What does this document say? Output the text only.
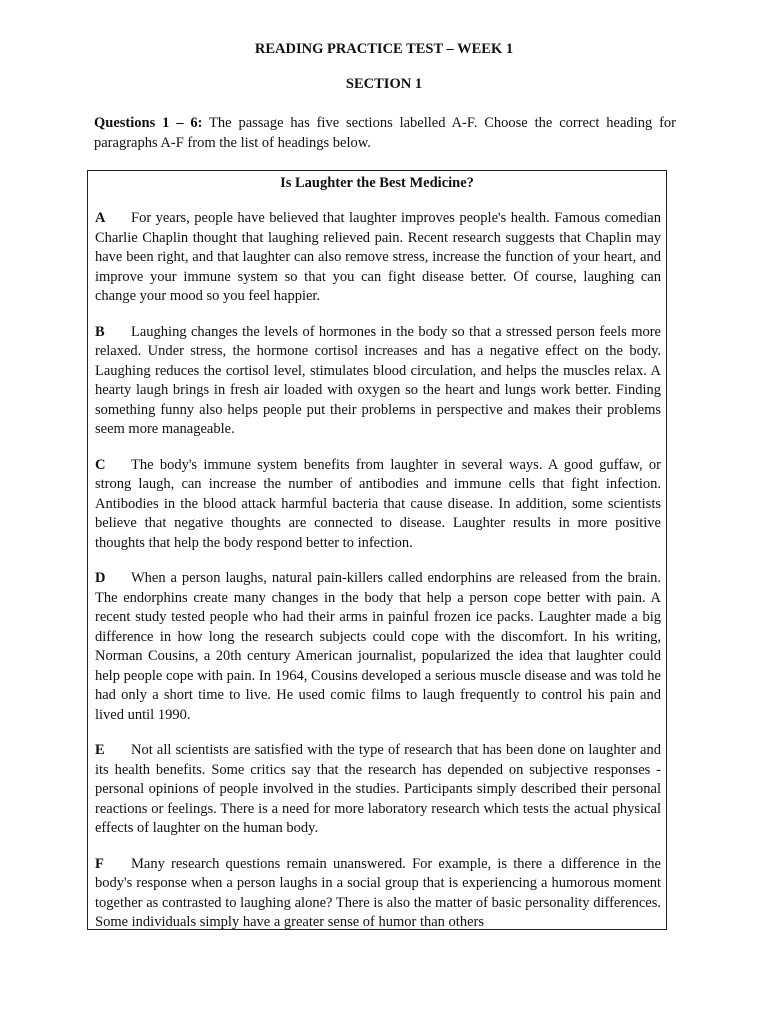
READING PRACTICE TEST – WEEK 1
SECTION 1

Questions 1 – 6: The passage has five sections labelled A-F. Choose the correct heading for paragraphs A-F from the list of headings below.

Is Laughter the Best Medicine?

A For years, people have believed that laughter improves people's health. Famous comedian Charlie Chaplin thought that laughing relieved pain. Recent research suggests that Chaplin may have been right, and that laughter can also remove stress, increase the function of your heart, and improve your immune system so that you can fight disease better. Of course, laughing can change your mood so you feel happier.

B Laughing changes the levels of hormones in the body so that a stressed person feels more relaxed. Under stress, the hormone cortisol increases and has a negative effect on the body. Laughing reduces the cortisol level, stimulates blood circulation, and helps the muscles relax. A hearty laugh brings in fresh air loaded with oxygen so the heart and lungs work better. Finding something funny also helps people put their problems in perspective and makes their problems seem more manageable.

C The body's immune system benefits from laughter in several ways. A good guffaw, or strong laugh, can increase the number of antibodies and immune cells that fight infection. Antibodies in the blood attack harmful bacteria that cause disease. In addition, some scientists believe that negative thoughts are connected to disease. Laughter results in more positive thoughts that help the body respond better to infection.

D When a person laughs, natural pain-killers called endorphins are released from the brain. The endorphins create many changes in the body that help a person cope better with pain. A recent study tested people who had their arms in painful frozen ice packs. Laughter made a big difference in how long the research subjects could cope with the discomfort. In his writing, Norman Cousins, a 20th century American journalist, popularized the idea that laughter could help people cope with pain. In 1964, Cousins developed a serious muscle disease and was told he had only a short time to live. He used comic films to laugh frequently to control his pain and lived until 1990.

E Not all scientists are satisfied with the type of research that has been done on laughter and its health benefits. Some critics say that the research has depended on subjective responses - personal opinions of people involved in the studies. Participants simply described their personal reactions or feelings. There is a need for more laboratory research which tests the actual physical effects of laughter on the human body.

F Many research questions remain unanswered. For example, is there a difference in the body's response when a person laughs in a social group that is experiencing a humorous moment together as contrasted to laughing alone? There is also the matter of basic personality differences. Some individuals simply have a greater sense of humor than others
